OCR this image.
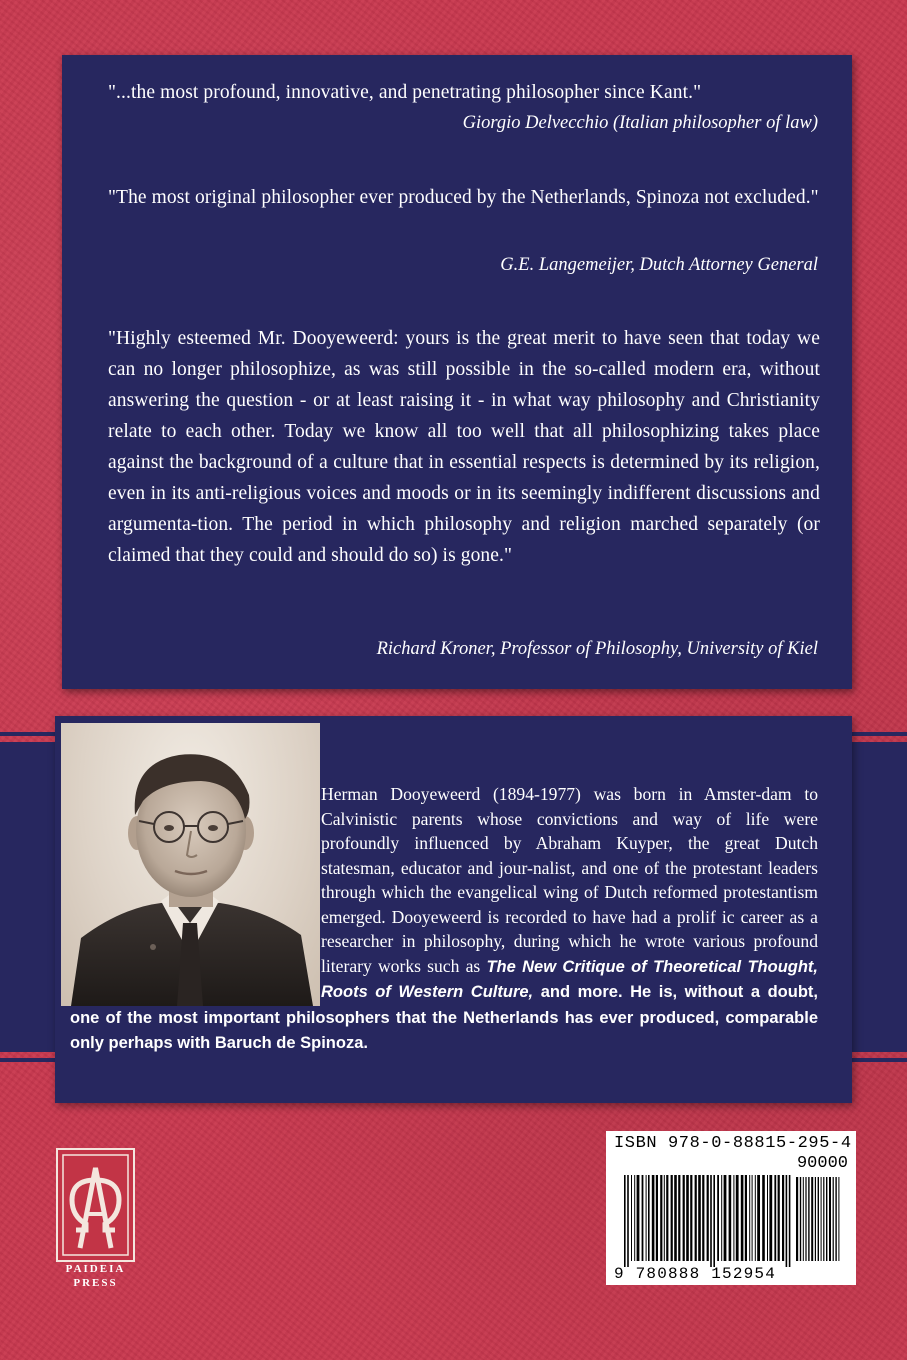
"...the most profound, innovative, and penetrating philosopher since Kant."

Giorgio Delvecchio (Italian philosopher of law)

"The most original philosopher ever produced by the Netherlands, Spinoza not excluded."

G.E. Langemeijer, Dutch Attorney General

"Highly esteemed Mr. Dooyeweerd: yours is the great merit to have seen that today we can no longer philosophize, as was still possible in the so-called modern era, without answering the question - or at least raising it - in what way philosophy and Christianity relate to each other. Today we know all too well that all philosophizing takes place against the background of a culture that in essential respects is determined by its religion, even in its anti-religious voices and moods or in its seemingly indifferent discussions and argumenta-tion. The period in which philosophy and religion marched separately (or claimed that they could and should do so) is gone."

Richard Kroner, Professor of Philosophy, University of Kiel

Herman Dooyeweerd (1894-1977) was born in Amster-dam to Calvinistic parents whose convictions and way of life were profoundly influenced by Abraham Kuyper, the great Dutch statesman, educator and jour-nalist, and one of the protestant leaders through which the evangelical wing of Dutch reformed protestantism emerged. Dooyeweerd is recorded to have had a prolif ic career as a researcher in philosophy, during which he wrote various profound literary works such as The New Critique of Theoretical Thought, Roots of Western Culture, and more. He is, without a doubt, one of the most important philosophers that the Netherlands has ever produced, comparable only perhaps with Baruch de Spinoza.

PAIDEIA
PRESS
ISBN 978-0-88815-295-4
90000
9 780888 152954
